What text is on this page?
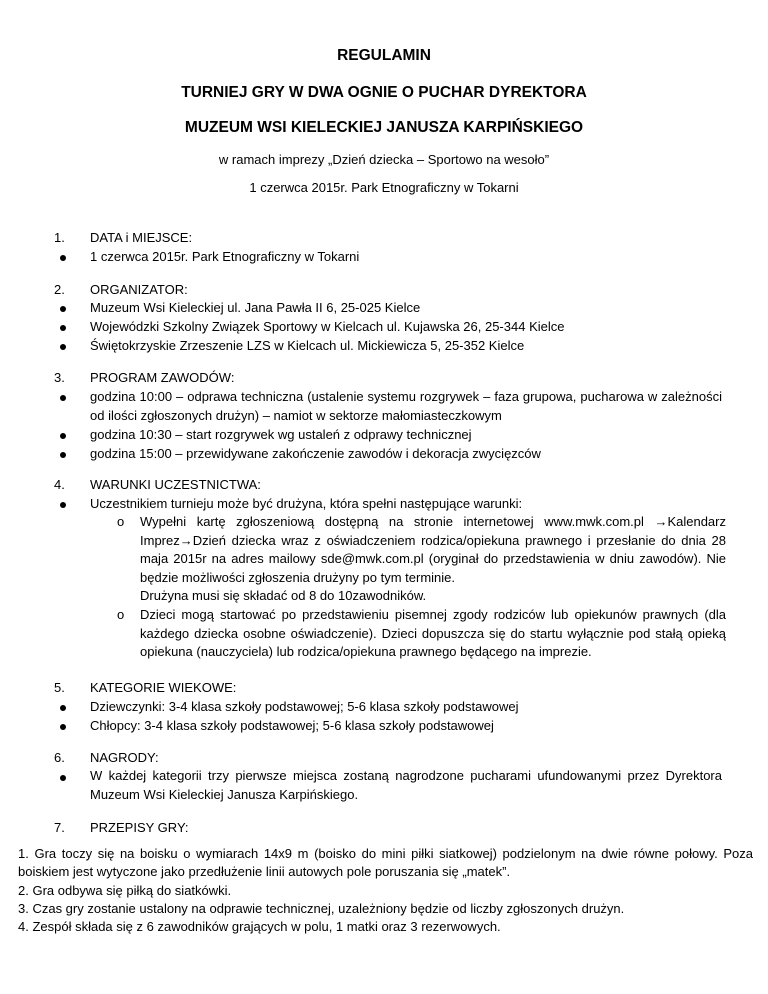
REGULAMIN
TURNIEJ GRY W DWA OGNIE O PUCHAR DYREKTORA
MUZEUM WSI KIELECKIEJ JANUSZA KARPIŃSKIEGO
w ramach imprezy „Dzień dziecka – Sportowo na wesoło”
1 czerwca 2015r. Park Etnograficzny w Tokarni
1. DATA i MIEJSCE:
1 czerwca 2015r. Park Etnograficzny w Tokarni
2. ORGANIZATOR:
Muzeum Wsi Kieleckiej ul. Jana Pawła II 6, 25-025 Kielce
Wojewódzki Szkolny Związek Sportowy w Kielcach ul. Kujawska 26, 25-344 Kielce
Świętokrzyskie Zrzeszenie LZS w Kielcach ul. Mickiewicza 5, 25-352 Kielce
3. PROGRAM ZAWODÓW:
godzina 10:00 – odprawa techniczna (ustalenie systemu rozgrywek – faza grupowa, pucharowa w zależności od ilości zgłoszonych drużyn) – namiot w sektorze małomiasteczkowym
godzina 10:30 – start rozgrywek wg ustaleń z odprawy technicznej
godzina 15:00 – przewidywane zakończenie zawodów i dekoracja zwycięzców
4. WARUNKI UCZESTNICTWA:
Uczestnikiem turnieju może być drużyna, która spełni następujące warunki:
o Wypełni kartę zgłoszeniową dostępną na stronie internetowej www.mwk.com.pl →Kalendarz Imprez→Dzień dziecka wraz z oświadczeniem rodzica/opiekuna prawnego i przesłanie do dnia 28 maja 2015r na adres mailowy sde@mwk.com.pl (oryginał do przedstawienia w dniu zawodów). Nie będzie możliwości zgłoszenia drużyny po tym terminie.
Drużyna musi się składać od 8 do 10zawodników.
o Dzieci mogą startować po przedstawieniu pisemnej zgody rodziców lub opiekunów prawnych (dla każdego dziecka osobne oświadczenie). Dzieci dopuszcza się do startu wyłącznie pod stałą opieką opiekuna (nauczyciela) lub rodzica/opiekuna prawnego będącego na imprezie.
5. KATEGORIE WIEKOWE:
Dziewczynki: 3-4 klasa szkoły podstawowej; 5-6 klasa szkoły podstawowej
Chłopcy: 3-4 klasa szkoły podstawowej; 5-6 klasa szkoły podstawowej
6. NAGRODY:
W każdej kategorii trzy pierwsze miejsca zostaną nagrodzone pucharami ufundowanymi przez Dyrektora Muzeum Wsi Kieleckiej Janusza Karpińskiego.
7. PRZEPISY GRY:

1. Gra toczy się na boisku o wymiarach 14x9 m (boisko do mini piłki siatkowej) podzielonym na dwie równe połowy. Poza boiskiem jest wytyczone jako przedłużenie linii autowych pole poruszania się „matek”.

2. Gra odbywa się piłką do siatkówki.

3. Czas gry zostanie ustalony na odprawie technicznej, uzależniony będzie od liczby zgłoszonych drużyn.

4. Zespół składa się z 6 zawodników grających w polu, 1 matki oraz 3 rezerwowych.
